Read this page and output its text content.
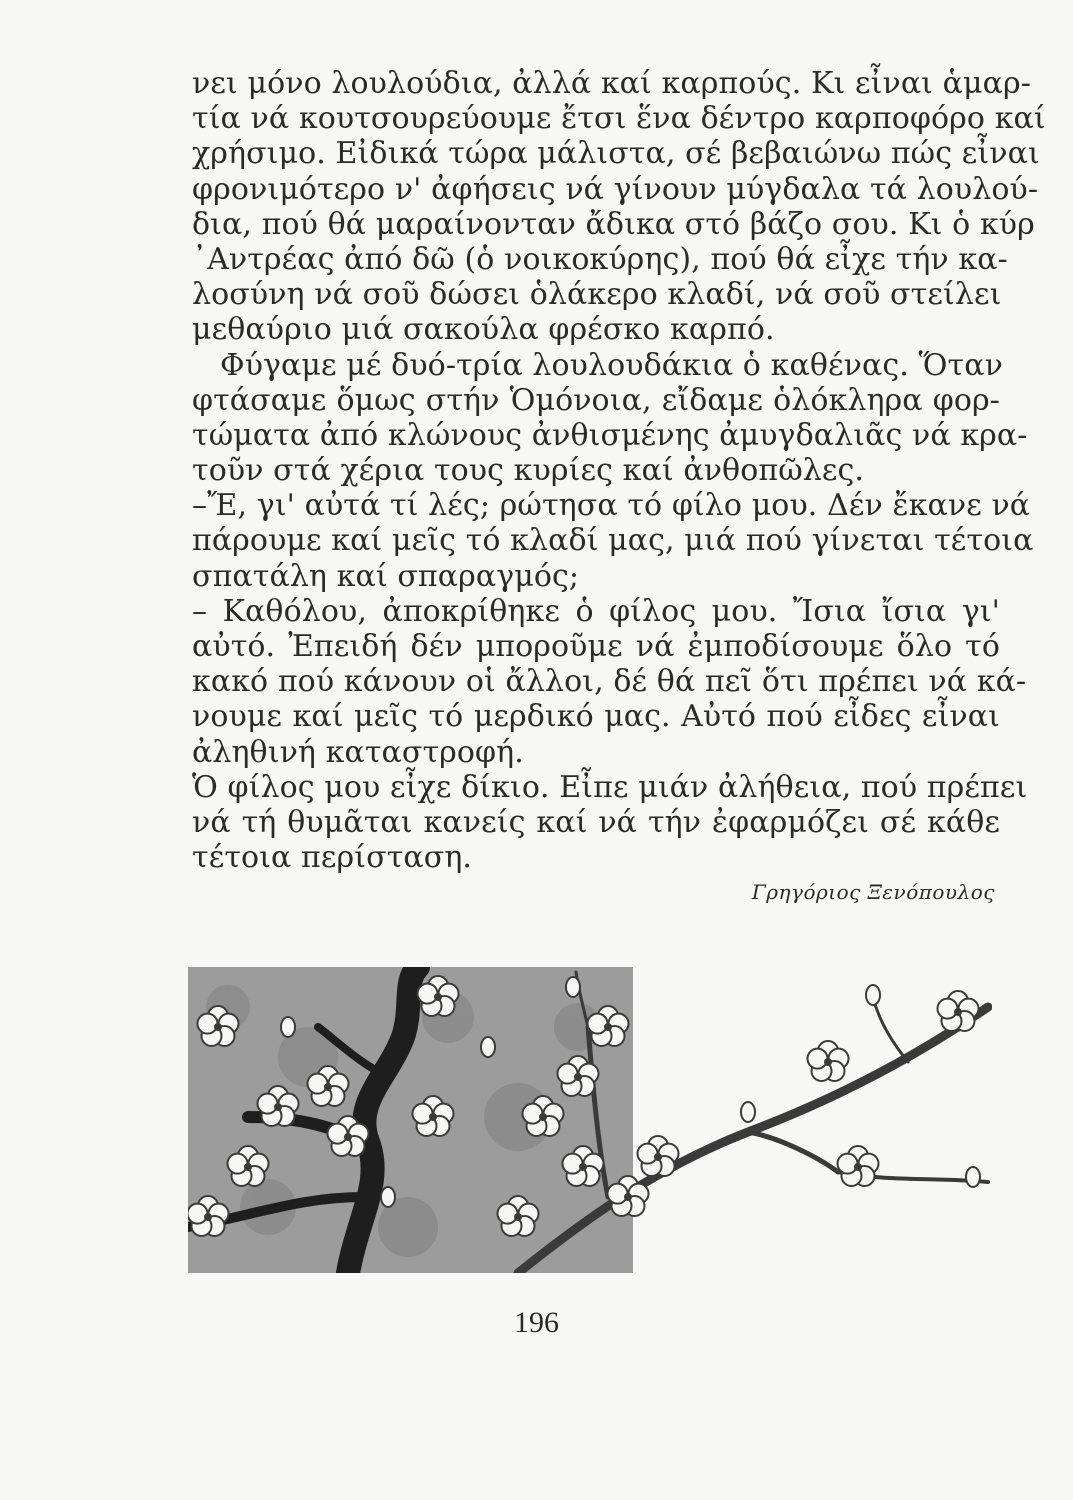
νει μόνο λουλούδια, ἀλλά καί καρπούς. Κι εἶναι ἁμαρ-
τία νά κουτσουρεύουμε ἔτσι ἕνα δέντρο καρποφόρο καί
χρήσιμο. Εἰδικά τώρα μάλιστα, σέ βεβαιώνω πώς εἶναι
φρονιμότερο ν' ἀφήσεις νά γίνουν μύγδαλα τά λουλού-
δια, πού θά μαραίνονταν ἄδικα στό βάζο σου. Κι ὁ κύρ
᾿Αντρέας ἀπό δῶ (ὁ νοικοκύρης), πού θά εἶχε τήν κα-
λοσύνη νά σοῦ δώσει ὁλάκερο κλαδί, νά σοῦ στείλει
μεθαύριο μιά σακούλα φρέσκο καρπό.
Φύγαμε μέ δυό-τρία λουλουδάκια ὁ καθένας. Ὅταν
φτάσαμε ὅμως στήν Ὁμόνοια, εἴδαμε ὁλόκληρα φορ-
τώματα ἀπό κλώνους ἀνθισμένης ἀμυγδαλιᾶς νά κρα-
τοῦν στά χέρια τους κυρίες καί ἀνθοπῶλες.
–Ἔ, γι' αὐτά τί λές; ρώτησα τό φίλο μου. Δέν ἔκανε νά
πάρουμε καί μεῖς τό κλαδί μας, μιά πού γίνεται τέτοια
σπατάλη καί σπαραγμός;
– Καθόλου, ἀποκρίθηκε ὁ φίλος μου. Ἴσια ἴσια γι'
αὐτό. Ἐπειδή δέν μποροῦμε νά ἐμποδίσουμε ὅλο τό
κακό πού κάνουν οἱ ἄλλοι, δέ θά πεῖ ὅτι πρέπει νά κά-
νουμε καί μεῖς τό μερδικό μας. Αὐτό πού εἶδες εἶναι
ἀληθινή καταστροφή.
Ὁ φίλος μου εἶχε δίκιο. Εἶπε μιάν ἀλήθεια, πού πρέπει
νά τή θυμᾶται κανείς καί νά τήν ἐφαρμόζει σέ κάθε
τέτοια περίσταση.
Γρηγόριος Ξενόπουλος
196
